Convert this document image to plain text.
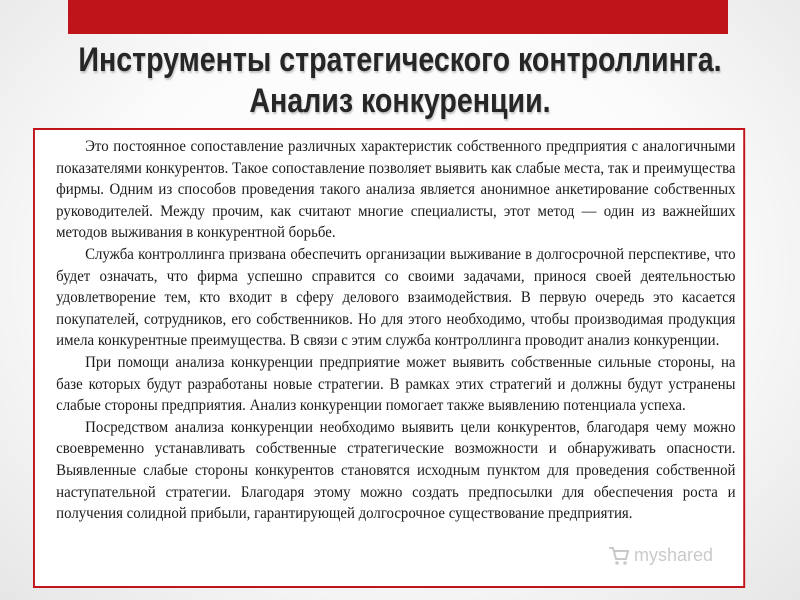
Инструменты стратегического контроллинга.
Анализ конкуренции.

Это постоянное сопоставление различных характеристик собственного предприятия с аналогичными показателями конкурентов. Такое сопоставление позволяет выявить как слабые места, так и преимущества фирмы. Одним из способов проведения такого анализа является анонимное анкетирование собственных руководителей. Между прочим, как считают многие специалисты, этот метод — один из важнейших методов выживания в конкурентной борьбе.

Служба контроллинга призвана обеспечить организации выживание в долгосрочной перспективе, что будет означать, что фирма успешно справится со своими задачами, принося своей деятельностью удовлетворение тем, кто входит в сферу делового взаимодействия. В первую очередь это касается покупателей, сотрудников, его собственников. Но для этого необходимо, чтобы производимая продукция имела конкурентные преимущества. В связи с этим служба контроллинга проводит анализ конкуренции.

При помощи анализа конкуренции предприятие может выявить собственные сильные стороны, на базе которых будут разработаны новые стратегии. В рамках этих стратегий и должны будут устранены слабые стороны предприятия. Анализ конкуренции помогает также выявлению потенциала успеха.

Посредством анализа конкуренции необходимо выявить цели конкурентов, благодаря чему можно своевременно устанавливать собственные стратегические возможности и обнаруживать опасности. Выявленные слабые стороны конкурентов становятся исходным пунктом для проведения собственной наступательной стратегии. Благодаря этому можно создать предпосылки для обеспечения роста и получения солидной прибыли, гарантирующей долгосрочное существование предприятия.

myshared
